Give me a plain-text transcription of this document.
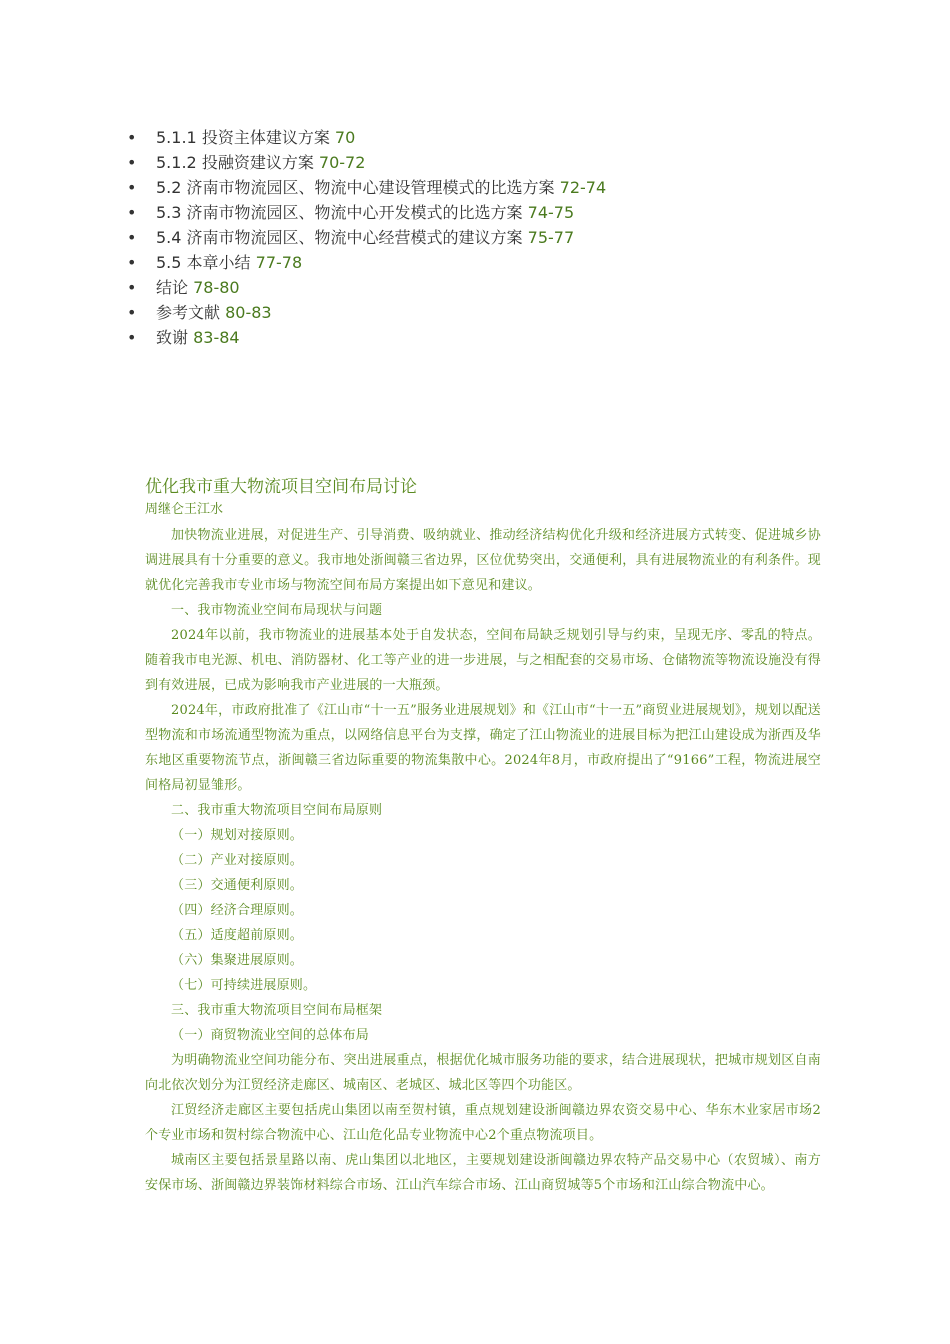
• 5.1.1 投资主体建议方案 70
• 5.1.2 投融资建议方案 70-72
• 5.2 济南市物流园区、物流中心建设管理模式的比选方案 72-74
• 5.3 济南市物流园区、物流中心开发模式的比选方案 74-75
• 5.4 济南市物流园区、物流中心经营模式的建议方案 75-77
• 5.5 本章小结 77-78
• 结论 78-80
• 参考文献 80-83
• 致谢 83-84
优化我市重大物流项目空间布局讨论
周继仑王江水

加快物流业进展，对促进生产、引导消费、吸纳就业、推动经济结构优化升级和经济进展方式转变、促进城乡协调进展具有十分重要的意义。我市地处浙闽赣三省边界，区位优势突出，交通便利，具有进展物流业的有利条件。现就优化完善我市专业市场与物流空间布局方案提出如下意见和建议。

一、我市物流业空间布局现状与问题

2024年以前，我市物流业的进展基本处于自发状态，空间布局缺乏规划引导与约束，呈现无序、零乱的特点。随着我市电光源、机电、消防器材、化工等产业的进一步进展，与之相配套的交易市场、仓储物流等物流设施没有得到有效进展，已成为影响我市产业进展的一大瓶颈。

2024年，市政府批准了《江山市“十一五”服务业进展规划》和《江山市“十一五”商贸业进展规划》，规划以配送型物流和市场流通型物流为重点，以网络信息平台为支撑，确定了江山物流业的进展目标为把江山建设成为浙西及华东地区重要物流节点，浙闽赣三省边际重要的物流集散中心。2024年8月，市政府提出了“9166”工程，物流进展空间格局初显雏形。

二、我市重大物流项目空间布局原则

（一）规划对接原则。

（二）产业对接原则。

（三）交通便利原则。

（四）经济合理原则。

（五）适度超前原则。

（六）集聚进展原则。

（七）可持续进展原则。

三、我市重大物流项目空间布局框架

（一）商贸物流业空间的总体布局

为明确物流业空间功能分布、突出进展重点，根据优化城市服务功能的要求，结合进展现状，把城市规划区自南向北依次划分为江贸经济走廊区、城南区、老城区、城北区等四个功能区。

江贸经济走廊区主要包括虎山集团以南至贺村镇，重点规划建设浙闽赣边界农资交易中心、华东木业家居市场2个专业市场和贺村综合物流中心、江山危化品专业物流中心2个重点物流项目。

城南区主要包括景星路以南、虎山集团以北地区，主要规划建设浙闽赣边界农特产品交易中心（农贸城）、南方安保市场、浙闽赣边界装饰材料综合市场、江山汽车综合市场、江山商贸城等5个市场和江山综合物流中心。
